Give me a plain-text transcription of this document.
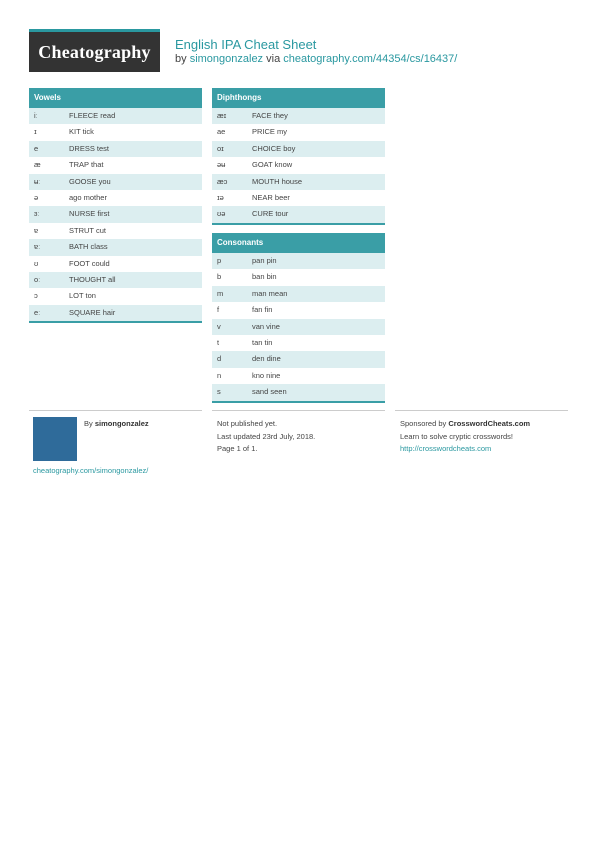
Cheatography	English IPA Cheat Sheet
by simongonzalez via cheatography.com/44354/cs/16437/
Vowels
iː	FLEECE read
ɪ	KIT tick
e	DRESS test
æ	TRAP that
ʉː	GOOSE you
ə	ago mother
ɜː	NURSE first
ɐ	STRUT cut
ɐː	BATH class
ʊ	FOOT could
oː	THOUGHT all
ɔ	LOT ton
eː	SQUARE hair
Diphthongs
æɪ	FACE they
ae	PRICE my
oɪ	CHOICE boy
əʉ	GOAT know
æɔ	MOUTH house
ɪə	NEAR beer
ʊə	CURE tour
Consonants
p	pan pin
b	ban bin
m	man mean
f	fan fin
v	van vine
t	tan tin
d	den dine
n	kno nine
s	sand seen
By simongonzalez
cheatography.com/simongonzalez/
Not published yet.
Last updated 23rd July, 2018.
Page 1 of 1.
Sponsored by CrosswordCheats.com
Learn to solve cryptic crosswords!
http://crosswordcheats.com
